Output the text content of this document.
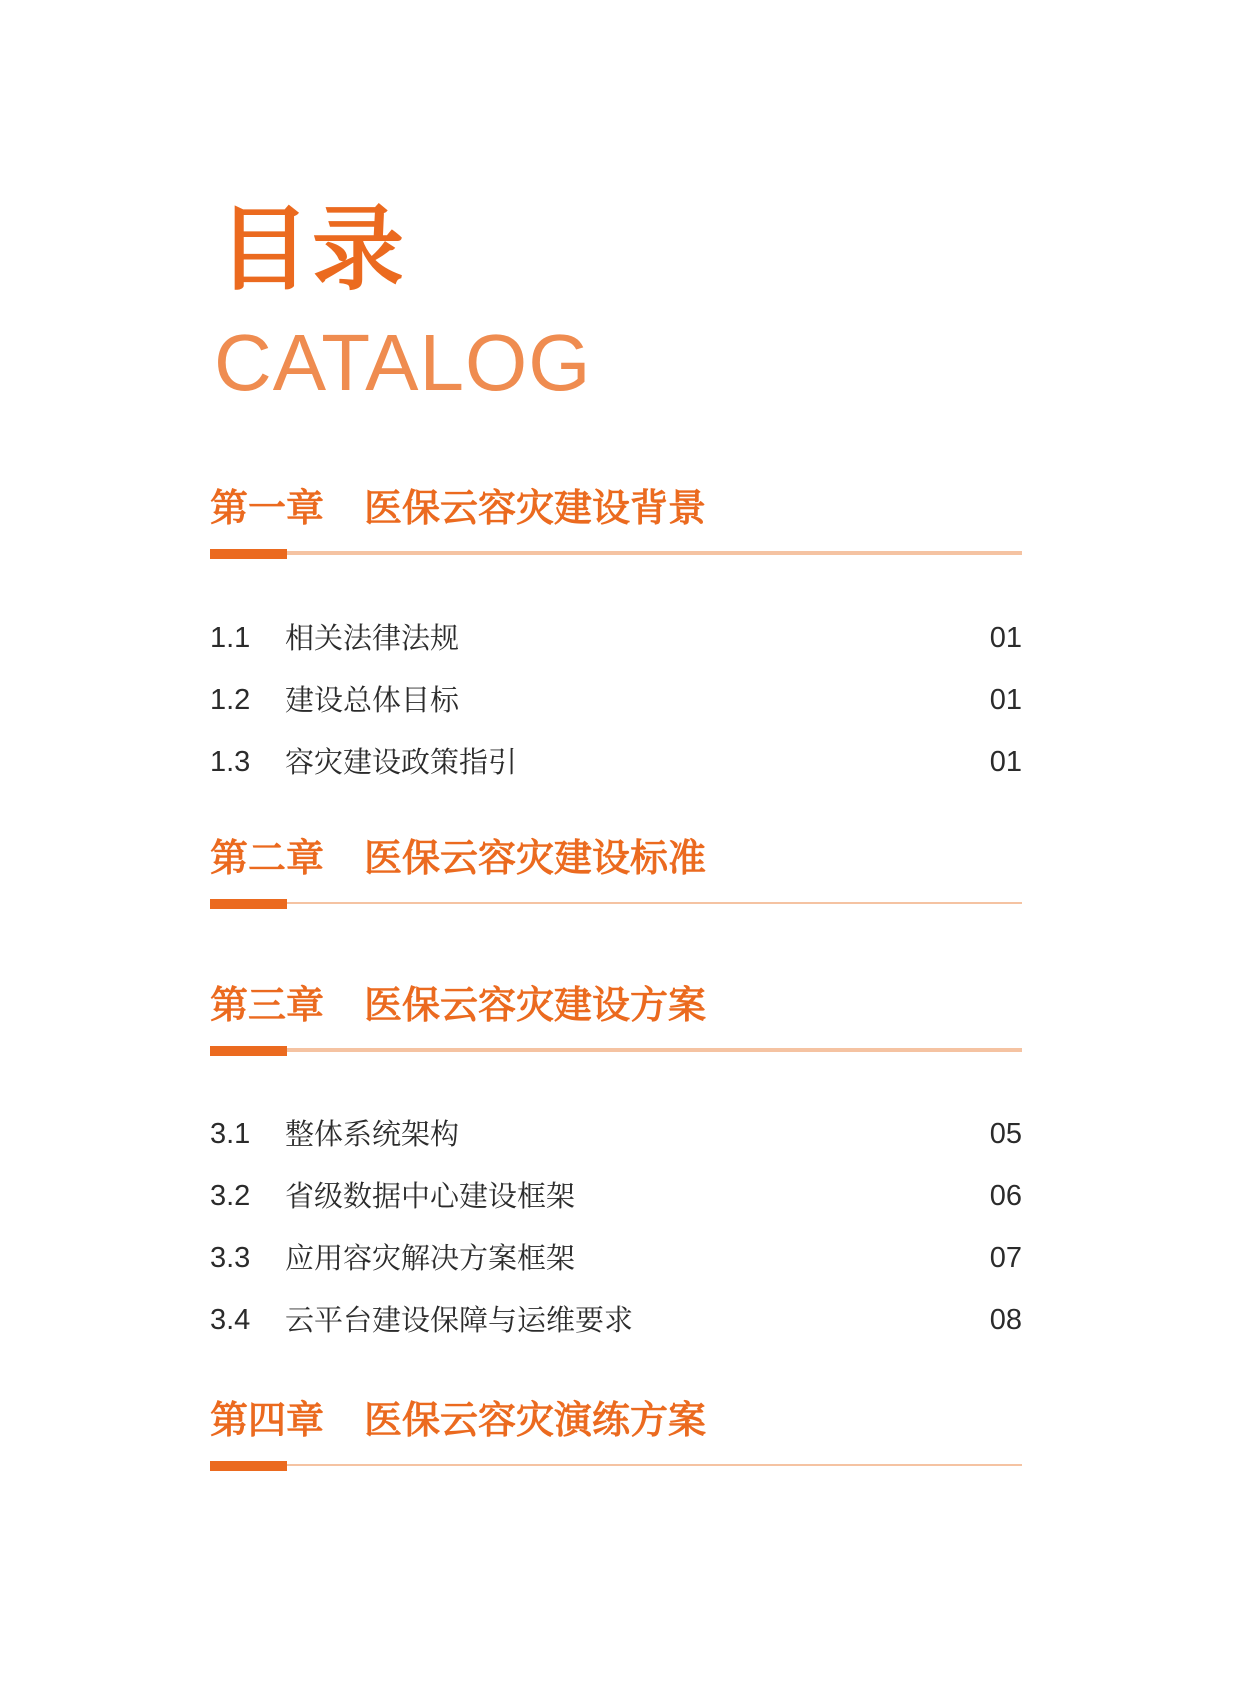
目录
CATALOG
第一章 医保云容灾建设背景
1.1 相关法律法规	01
1.2 建设总体目标	01
1.3 容灾建设政策指引	01
第二章 医保云容灾建设标准
第三章 医保云容灾建设方案
3.1 整体系统架构	05
3.2 省级数据中心建设框架	06
3.3 应用容灾解决方案框架	07
3.4 云平台建设保障与运维要求	08
第四章 医保云容灾演练方案
